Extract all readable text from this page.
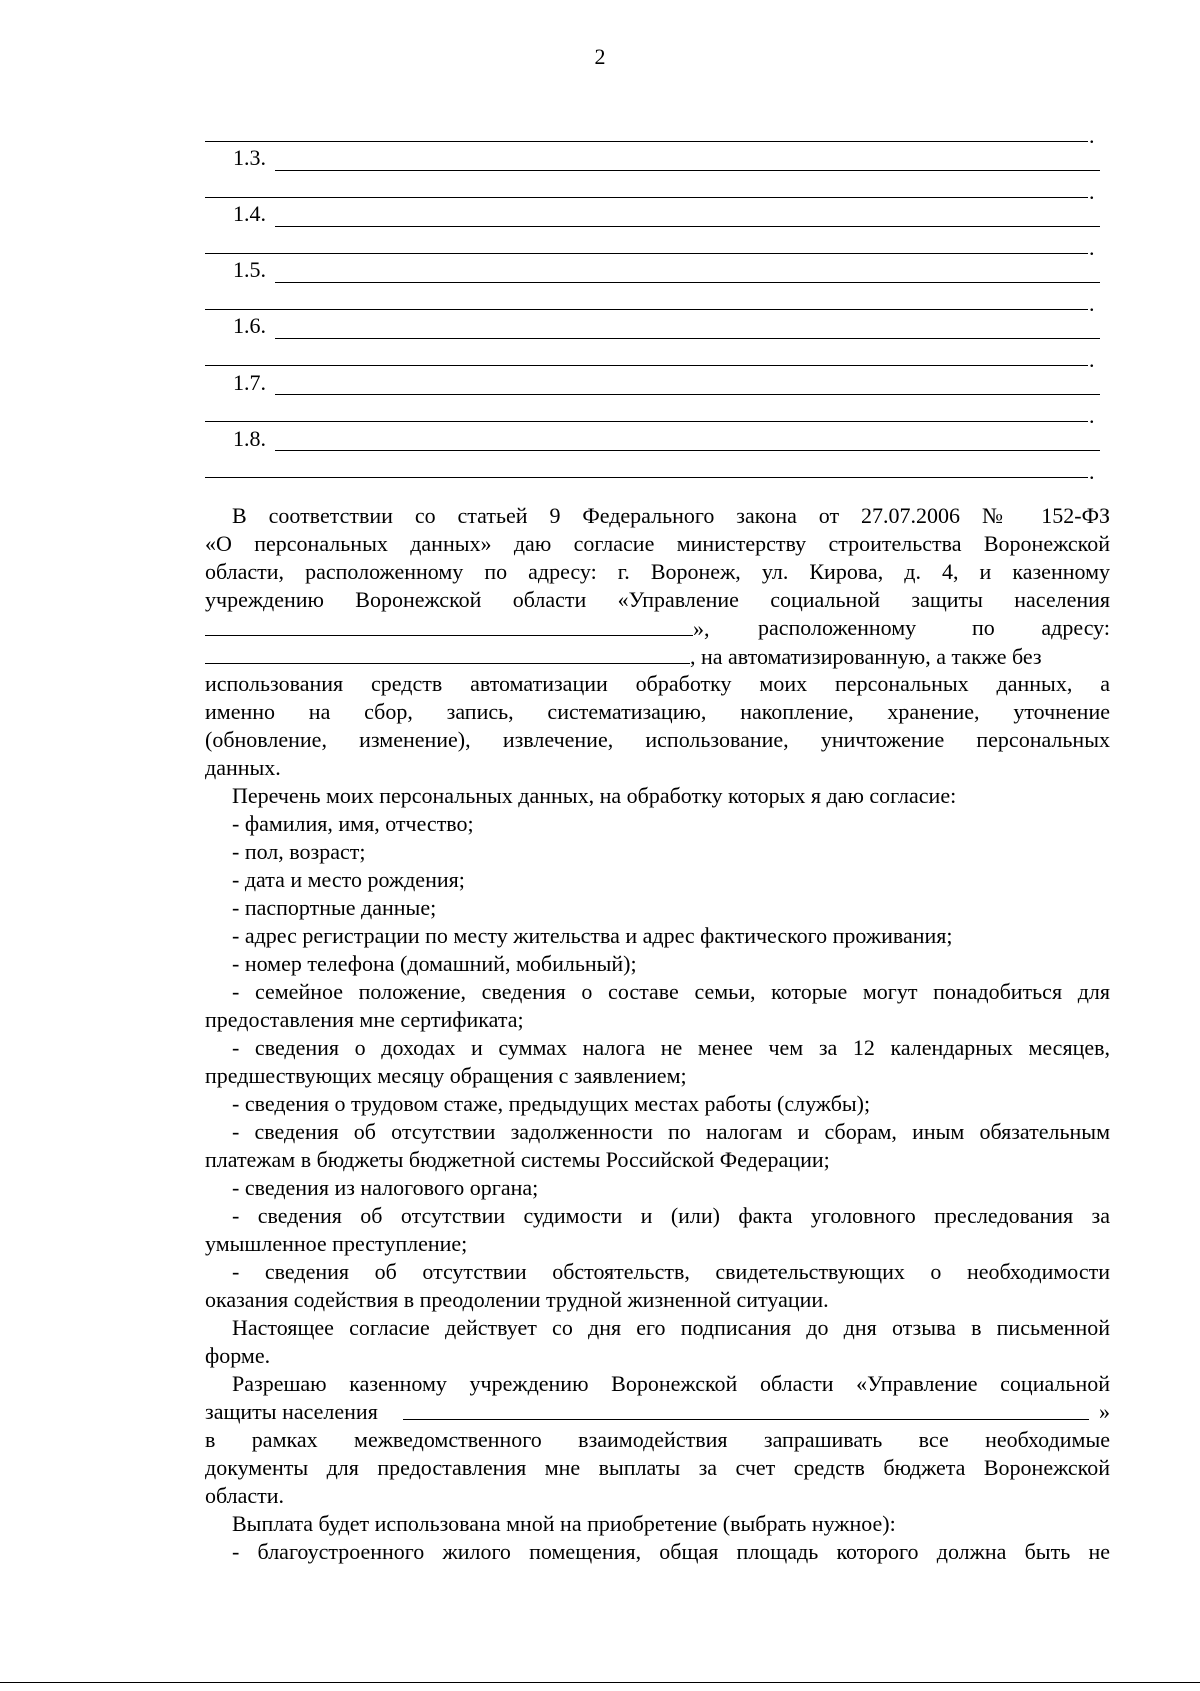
2
.
1.3.
.
1.4.
.
1.5.
.
1.6.
.
1.7.
.
1.8.
.
В соответствии со статьей 9 Федерального закона от 27.07.2006 № 152-ФЗ
«О персональных данных» даю согласие министерству строительства Воронежской
области, расположенному по адресу: г. Воронеж, ул. Кирова, д. 4, и казенному
учреждению Воронежской области «Управление социальной защиты населения
», расположенному	по адресу:
, на автоматизированную, а также без
использования средств автоматизации обработку моих персональных данных, а
именно на сбор, запись, систематизацию, накопление, хранение, уточнение
(обновление, изменение), извлечение, использование, уничтожение персональных
данных.
Перечень моих персональных данных, на обработку которых я даю согласие:
- фамилия, имя, отчество;
- пол, возраст;
- дата и место рождения;
- паспортные данные;
- адрес регистрации по месту жительства и адрес фактического проживания;
- номер телефона (домашний, мобильный);
- семейное положение, сведения о составе семьи, которые могут понадобиться для
предоставления мне сертификата;
- сведения о доходах и суммах налога не менее чем за 12 календарных месяцев,
предшествующих месяцу обращения с заявлением;
- сведения о трудовом стаже, предыдущих местах работы (службы);
- сведения об отсутствии задолженности по налогам и сборам, иным обязательным
платежам в бюджеты бюджетной системы Российской Федерации;
- сведения из налогового органа;
- сведения об отсутствии судимости и (или) факта уголовного преследования за
умышленное преступление;
- сведения об отсутствии обстоятельств, свидетельствующих о необходимости
оказания содействия в преодолении трудной жизненной ситуации.
Настоящее согласие действует со дня его подписания до дня отзыва в письменной
форме.
Разрешаю казенному учреждению Воронежской области «Управление социальной
защиты населения	»
в рамках межведомственного взаимодействия запрашивать все необходимые
документы для предоставления мне выплаты за счет средств бюджета Воронежской
области.
Выплата будет использована мной на приобретение (выбрать нужное):
- благоустроенного жилого помещения, общая площадь которого должна быть не
